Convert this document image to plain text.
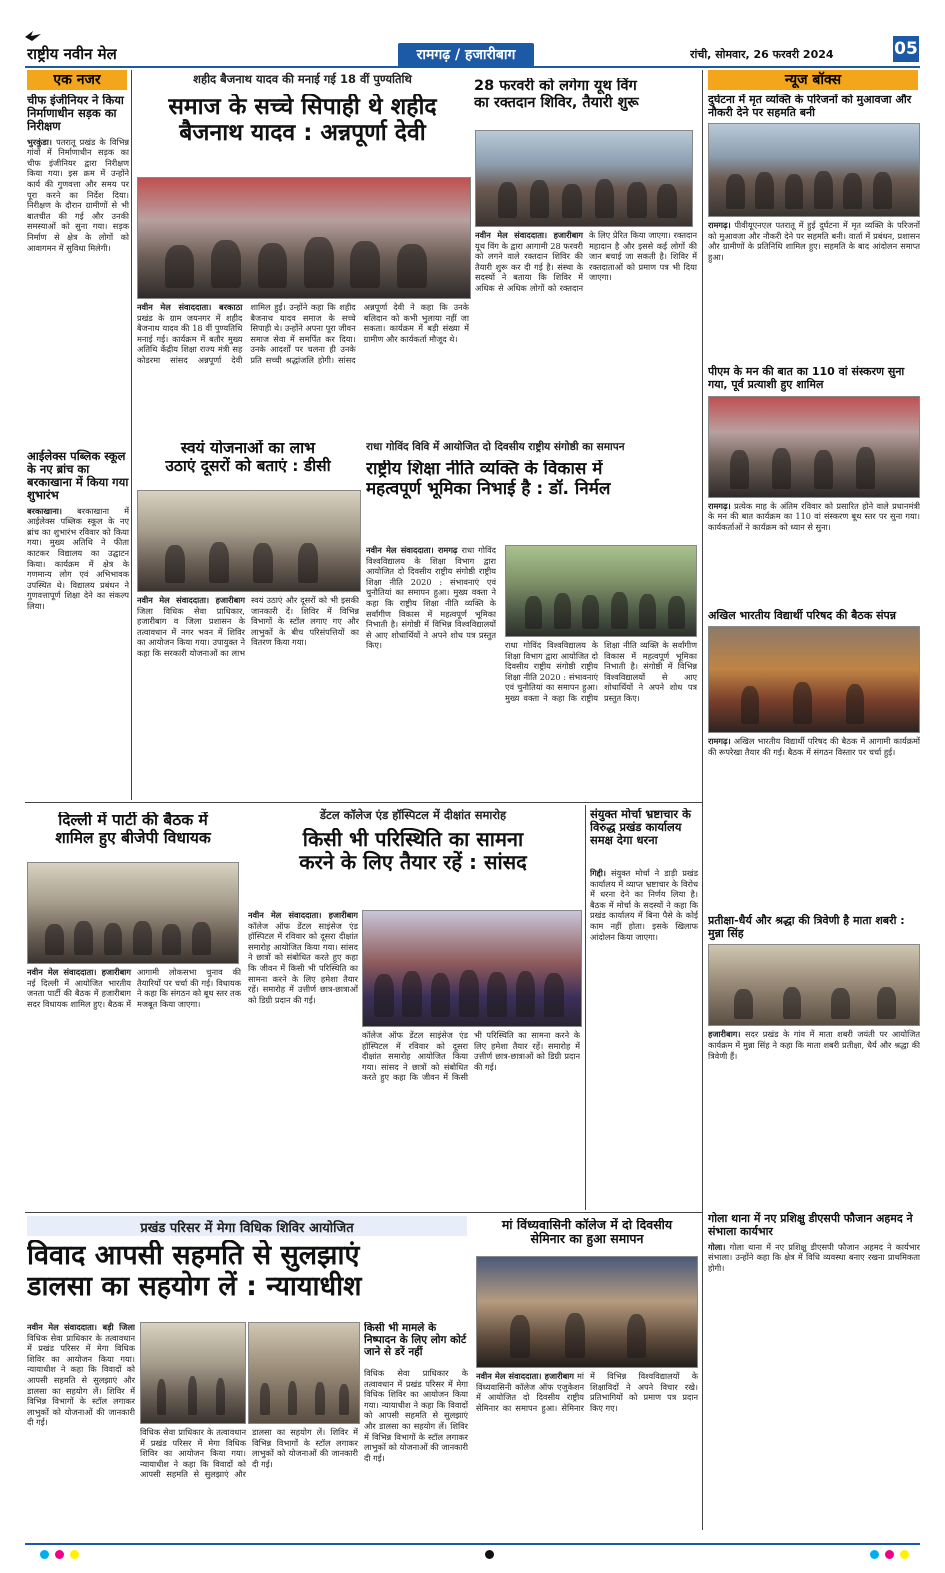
राष्ट्रीय नवीन मेल	रामगढ़ / हजारीबाग	रांची, सोमवार, 26 फरवरी 2024	05
एक नजर
चीफ इंजीनियर ने किया निर्माणाधीन सड़क का निरीक्षण
भुरकुंडा। पतरातू प्रखंड के विभिन्न गांवों में निर्माणाधीन सड़क का चीफ इंजीनियर द्वारा निरीक्षण किया गया। इस क्रम में उन्होंने कार्य की गुणवत्ता और समय पर पूरा करने का निर्देश दिया। निरीक्षण के दौरान ग्रामीणों से भी बातचीत की गई और उनकी समस्याओं को सुना गया। सड़क निर्माण से क्षेत्र के लोगों को आवागमन में सुविधा मिलेगी।
आईलेक्स पब्लिक स्कूल के नए ब्रांच का बरकाखाना में किया गया शुभारंभ
बरकाखाना। बरकाखाना में आईलेक्स पब्लिक स्कूल के नए ब्रांच का शुभारंभ रविवार को किया गया। मुख्य अतिथि ने फीता काटकर विद्यालय का उद्घाटन किया। कार्यक्रम में क्षेत्र के गणमान्य लोग एवं अभिभावक उपस्थित थे। विद्यालय प्रबंधन ने गुणवत्तापूर्ण शिक्षा देने का संकल्प लिया।
शहीद बैजनाथ यादव की मनाई गई 18 वीं पुण्यतिथि
समाज के सच्चे सिपाही थे शहीद
बैजनाथ यादव : अन्नपूर्णा देवी
नवीन मेल संवाददाता। बरकाठा प्रखंड के ग्राम जयनगर में शहीद बैजनाथ यादव की 18 वीं पुण्यतिथि मनाई गई। कार्यक्रम में बतौर मुख्य अतिथि केंद्रीय शिक्षा राज्य मंत्री सह कोडरमा सांसद अन्नपूर्णा देवी शामिल हुईं। उन्होंने कहा कि शहीद बैजनाथ यादव समाज के सच्चे सिपाही थे। उन्होंने अपना पूरा जीवन समाज सेवा में समर्पित कर दिया। उनके आदर्शों पर चलना ही उनके प्रति सच्ची श्रद्धांजलि होगी। सांसद अन्नपूर्णा देवी ने कहा कि उनके बलिदान को कभी भुलाया नहीं जा सकता। कार्यक्रम में बड़ी संख्या में ग्रामीण और कार्यकर्ता मौजूद थे।
28 फरवरी को लगेगा यूथ विंग
का रक्तदान शिविर, तैयारी शुरू
नवीन मेल संवाददाता। हजारीबाग यूथ विंग के द्वारा आगामी 28 फरवरी को लगने वाले रक्तदान शिविर की तैयारी शुरू कर दी गई है। संस्था के सदस्यों ने बताया कि शिविर में अधिक से अधिक लोगों को रक्तदान के लिए प्रेरित किया जाएगा। रक्तदान महादान है और इससे कई लोगों की जान बचाई जा सकती है। शिविर में रक्तदाताओं को प्रमाण पत्र भी दिया जाएगा।
स्वयं योजनाओं का लाभ
उठाएं दूसरों को बताएं : डीसी
नवीन मेल संवाददाता। हजारीबाग जिला विधिक सेवा प्राधिकार, हजारीबाग व जिला प्रशासन के तत्वावधान में नगर भवन में शिविर का आयोजन किया गया। उपायुक्त ने कहा कि सरकारी योजनाओं का लाभ स्वयं उठाएं और दूसरों को भी इसकी जानकारी दें। शिविर में विभिन्न विभागों के स्टॉल लगाए गए और लाभुकों के बीच परिसंपत्तियों का वितरण किया गया।
राधा गोविंद विवि में आयोजित दो दिवसीय राष्ट्रीय संगोष्ठी का समापन
राष्ट्रीय शिक्षा नीति व्यक्ति के विकास में
महत्वपूर्ण भूमिका निभाई है : डॉ. निर्मल
नवीन मेल संवाददाता। रामगढ़ राधा गोविंद विश्वविद्यालय के शिक्षा विभाग द्वारा आयोजित दो दिवसीय राष्ट्रीय संगोष्ठी राष्ट्रीय शिक्षा नीति 2020 : संभावनाएं एवं चुनौतियां का समापन हुआ। मुख्य वक्ता ने कहा कि राष्ट्रीय शिक्षा नीति व्यक्ति के सर्वांगीण विकास में महत्वपूर्ण भूमिका निभाती है। संगोष्ठी में विभिन्न विश्वविद्यालयों से आए शोधार्थियों ने अपने शोध पत्र प्रस्तुत किए।	राधा गोविंद विश्वविद्यालय के शिक्षा विभाग द्वारा आयोजित दो दिवसीय राष्ट्रीय संगोष्ठी राष्ट्रीय शिक्षा नीति 2020 : संभावनाएं एवं चुनौतियां का समापन हुआ। मुख्य वक्ता ने कहा कि राष्ट्रीय शिक्षा नीति व्यक्ति के सर्वांगीण विकास में महत्वपूर्ण भूमिका निभाती है। संगोष्ठी में विभिन्न विश्वविद्यालयों से आए शोधार्थियों ने अपने शोध पत्र प्रस्तुत किए।
न्यूज बॉक्स
दुर्घटना में मृत व्यक्ति के परिजनों को मुआवजा और नौकरी देने पर सहमति बनी
रामगढ़। पीवीयूएनएल पतरातू में हुई दुर्घटना में मृत व्यक्ति के परिजनों को मुआवजा और नौकरी देने पर सहमति बनी। वार्ता में प्रबंधन, प्रशासन और ग्रामीणों के प्रतिनिधि शामिल हुए। सहमति के बाद आंदोलन समाप्त हुआ।
पीएम के मन की बात का 110 वां संस्करण सुना गया, पूर्व प्रत्याशी हुए शामिल
रामगढ़। प्रत्येक माह के अंतिम रविवार को प्रसारित होने वाले प्रधानमंत्री के मन की बात कार्यक्रम का 110 वां संस्करण बूथ स्तर पर सुना गया। कार्यकर्ताओं ने कार्यक्रम को ध्यान से सुना।
अखिल भारतीय विद्यार्थी परिषद की बैठक संपन्न
रामगढ़। अखिल भारतीय विद्यार्थी परिषद की बैठक में आगामी कार्यक्रमों की रूपरेखा तैयार की गई। बैठक में संगठन विस्तार पर चर्चा हुई।
प्रतीक्षा-धैर्य और श्रद्धा की त्रिवेणी है माता शबरी : मुन्ना सिंह
हजारीबाग। सदर प्रखंड के गांव में माता शबरी जयंती पर आयोजित कार्यक्रम में मुन्ना सिंह ने कहा कि माता शबरी प्रतीक्षा, धैर्य और श्रद्धा की त्रिवेणी हैं।
गोला थाना में नए प्रशिक्षु डीएसपी फौजान अहमद ने संभाला कार्यभार
गोला। गोला थाना में नए प्रशिक्षु डीएसपी फौजान अहमद ने कार्यभार संभाला। उन्होंने कहा कि क्षेत्र में विधि व्यवस्था बनाए रखना प्राथमिकता होगी।
दिल्ली में पार्टी की बैठक में
शामिल हुए बीजेपी विधायक
नवीन मेल संवाददाता। हजारीबाग नई दिल्ली में आयोजित भारतीय जनता पार्टी की बैठक में हजारीबाग सदर विधायक शामिल हुए। बैठक में आगामी लोकसभा चुनाव की तैयारियों पर चर्चा की गई। विधायक ने कहा कि संगठन को बूथ स्तर तक मजबूत किया जाएगा।
डेंटल कॉलेज एंड हॉस्पिटल में दीक्षांत समारोह
किसी भी परिस्थिति का सामना
करने के लिए तैयार रहें : सांसद
नवीन मेल संवाददाता। हजारीबाग कॉलेज ऑफ डेंटल साइंसेज एंड हॉस्पिटल में रविवार को दूसरा दीक्षांत समारोह आयोजित किया गया। सांसद ने छात्रों को संबोधित करते हुए कहा कि जीवन में किसी भी परिस्थिति का सामना करने के लिए हमेशा तैयार रहें। समारोह में उत्तीर्ण छात्र-छात्राओं को डिग्री प्रदान की गई।
कॉलेज ऑफ डेंटल साइंसेज एंड हॉस्पिटल में रविवार को दूसरा दीक्षांत समारोह आयोजित किया गया। सांसद ने छात्रों को संबोधित करते हुए कहा कि जीवन में किसी भी परिस्थिति का सामना करने के लिए हमेशा तैयार रहें। समारोह में उत्तीर्ण छात्र-छात्राओं को डिग्री प्रदान की गई।
संयुक्त मोर्चा भ्रष्टाचार के विरुद्ध प्रखंड कार्यालय समक्ष देगा धरना
गिद्दी। संयुक्त मोर्चा ने डाड़ी प्रखंड कार्यालय में व्याप्त भ्रष्टाचार के विरोध में धरना देने का निर्णय लिया है। बैठक में मोर्चा के सदस्यों ने कहा कि प्रखंड कार्यालय में बिना पैसे के कोई काम नहीं होता। इसके खिलाफ आंदोलन किया जाएगा।
प्रखंड परिसर में मेगा विधिक शिविर आयोजित
विवाद आपसी सहमति से सुलझाएं
डालसा का सहयोग लें : न्यायाधीश
नवीन मेल संवाददाता। बड़ी जिला विधिक सेवा प्राधिकार के तत्वावधान में प्रखंड परिसर में मेगा विधिक शिविर का आयोजन किया गया। न्यायाधीश ने कहा कि विवादों को आपसी सहमति से सुलझाएं और डालसा का सहयोग लें। शिविर में विभिन्न विभागों के स्टॉल लगाकर लाभुकों को योजनाओं की जानकारी दी गई।
विधिक सेवा प्राधिकार के तत्वावधान में प्रखंड परिसर में मेगा विधिक शिविर का आयोजन किया गया। न्यायाधीश ने कहा कि विवादों को आपसी सहमति से सुलझाएं और डालसा का सहयोग लें। शिविर में विभिन्न विभागों के स्टॉल लगाकर लाभुकों को योजनाओं की जानकारी दी गई।
किसी भी मामले के निष्पादन के लिए लोग कोर्ट जाने से डरें नहीं
विधिक सेवा प्राधिकार के तत्वावधान में प्रखंड परिसर में मेगा विधिक शिविर का आयोजन किया गया। न्यायाधीश ने कहा कि विवादों को आपसी सहमति से सुलझाएं और डालसा का सहयोग लें। शिविर में विभिन्न विभागों के स्टॉल लगाकर लाभुकों को योजनाओं की जानकारी दी गई।
मां विंध्यवासिनी कॉलेज में दो दिवसीय
सेमिनार का हुआ समापन
नवीन मेल संवाददाता। हजारीबाग मां विंध्यवासिनी कॉलेज ऑफ एजुकेशन में आयोजित दो दिवसीय राष्ट्रीय सेमिनार का समापन हुआ। सेमिनार में विभिन्न विश्वविद्यालयों के शिक्षाविदों ने अपने विचार रखे। प्रतिभागियों को प्रमाण पत्र प्रदान किए गए।
